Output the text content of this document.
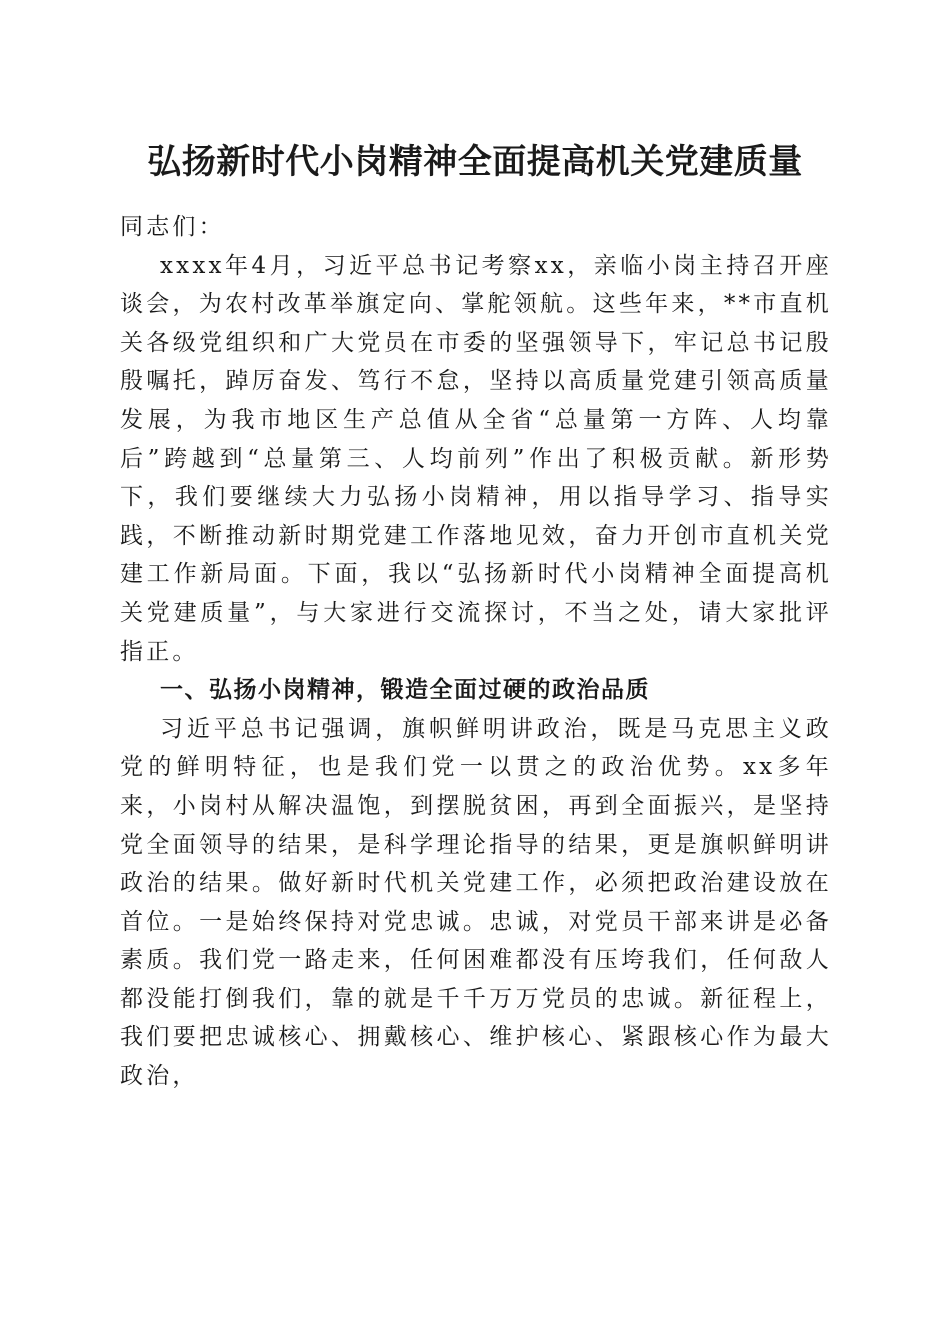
弘扬新时代小岗精神全面提高机关党建质量

同志们：

xxxx年4月，习近平总书记考察xx，亲临小岗主持召开座谈会，为农村改革举旗定向、掌舵领航。这些年来，**市直机关各级党组织和广大党员在市委的坚强领导下，牢记总书记殷殷嘱托，踔厉奋发、笃行不怠，坚持以高质量党建引领高质量发展，为我市地区生产总值从全省“总量第一方阵、人均靠后”跨越到“总量第三、人均前列”作出了积极贡献。新形势下，我们要继续大力弘扬小岗精神，用以指导学习、指导实践，不断推动新时期党建工作落地见效，奋力开创市直机关党建工作新局面。下面，我以“弘扬新时代小岗精神全面提高机关党建质量”，与大家进行交流探讨，不当之处，请大家批评指正。

一、弘扬小岗精神，锻造全面过硬的政治品质

习近平总书记强调，旗帜鲜明讲政治，既是马克思主义政党的鲜明特征，也是我们党一以贯之的政治优势。xx多年来，小岗村从解决温饱，到摆脱贫困，再到全面振兴，是坚持党全面领导的结果，是科学理论指导的结果，更是旗帜鲜明讲政治的结果。做好新时代机关党建工作，必须把政治建设放在首位。一是始终保持对党忠诚。忠诚，对党员干部来讲是必备素质。我们党一路走来，任何困难都没有压垮我们，任何敌人都没能打倒我们，靠的就是千千万万党员的忠诚。新征程上，我们要把忠诚核心、拥戴核心、维护核心、紧跟核心作为最大政治，
